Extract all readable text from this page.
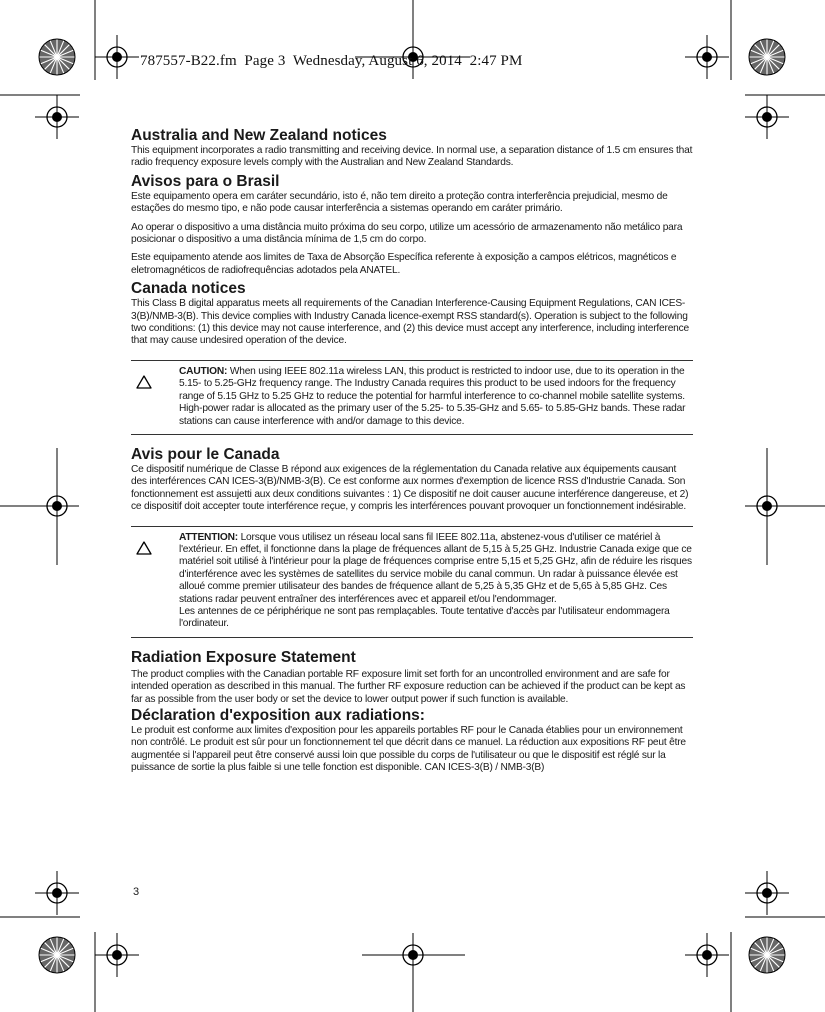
787557-B22.fm  Page 3  Wednesday, August 6, 2014  2:47 PM
Australia and New Zealand notices

This equipment incorporates a radio transmitting and receiving device. In normal use, a separation distance of 1.5 cm ensures that radio frequency exposure levels comply with the Australian and New Zealand Standards.

Avisos para o Brasil

Este equipamento opera em caráter secundário, isto é, não tem direito a proteção contra interferência prejudicial, mesmo de estações do mesmo tipo, e não pode causar interferência a sistemas operando em caráter primário.

Ao operar o dispositivo a uma distância muito próxima do seu corpo, utilize um acessório de armazenamento não metálico para posicionar o dispositivo a uma distância mínima de 1,5 cm do corpo.

Este equipamento atende aos limites de Taxa de Absorção Específica referente à exposição a campos elétricos, magnéticos e eletromagnéticos de radiofrequências adotados pela ANATEL.

Canada notices

This Class B digital apparatus meets all requirements of the Canadian Interference-Causing Equipment Regulations, CAN ICES-3(B)/NMB-3(B). This device complies with Industry Canada licence-exempt RSS standard(s). Operation is subject to the following two conditions: (1) this device may not cause interference, and (2) this device must accept any interference, including interference that may cause undesired operation of the device.

CAUTION: When using IEEE 802.11a wireless LAN, this product is restricted to indoor use, due to its operation in the 5.15- to 5.25-GHz frequency range. The Industry Canada requires this product to be used indoors for the frequency range of 5.15 GHz to 5.25 GHz to reduce the potential for harmful interference to co-channel mobile satellite systems. High-power radar is allocated as the primary user of the 5.25- to 5.35-GHz and 5.65- to 5.85-GHz bands. These radar stations can cause interference with and/or damage to this device.

Avis pour le Canada

Ce dispositif numérique de Classe B répond aux exigences de la réglementation du Canada relative aux équipements causant des interférences CAN ICES-3(B)/NMB-3(B). Ce est conforme aux normes d'exemption de licence RSS d'Industrie Canada. Son fonctionnement est assujetti aux deux conditions suivantes : 1) Ce dispositif ne doit causer aucune interférence dangereuse, et 2) ce dispositif doit accepter toute interférence reçue, y compris les interférences pouvant provoquer un fonctionnement indésirable.

ATTENTION: Lorsque vous utilisez un réseau local sans fil IEEE 802.11a, abstenez-vous d'utiliser ce matériel à l'extérieur. En effet, il fonctionne dans la plage de fréquences allant de 5,15 à 5,25 GHz. Industrie Canada exige que ce matériel soit utilisé à l'intérieur pour la plage de fréquences comprise entre 5,15 et 5,25 GHz, afin de réduire les risques d'interférence avec les systèmes de satellites du service mobile du canal commun. Un radar à puissance élevée est alloué comme premier utilisateur des bandes de fréquence allant de 5,25 à 5,35 GHz et de 5,65 à 5,85 GHz. Ces stations radar peuvent entraîner des interférences avec et appareil et/ou l'endommager.

Les antennes de ce périphérique ne sont pas remplaçables. Toute tentative d'accès par l'utilisateur endommagera l'ordinateur.

Radiation Exposure Statement

The product complies with the Canadian portable RF exposure limit set forth for an uncontrolled environment and are safe for intended operation as described in this manual. The further RF exposure reduction can be achieved if the product can be kept as far as possible from the user body or set the device to lower output power if such function is available.

Déclaration d'exposition aux radiations:

Le produit est conforme aux limites d'exposition pour les appareils portables RF pour le Canada établies pour un environnement non contrôlé. Le produit est sûr pour un fonctionnement tel que décrit dans ce manuel. La réduction aux expositions RF peut être augmentée si l'appareil peut être conservé aussi loin que possible du corps de l'utilisateur ou que le dispositif est réglé sur la puissance de sortie la plus faible si une telle fonction est disponible. CAN ICES-3(B) / NMB-3(B)

3
